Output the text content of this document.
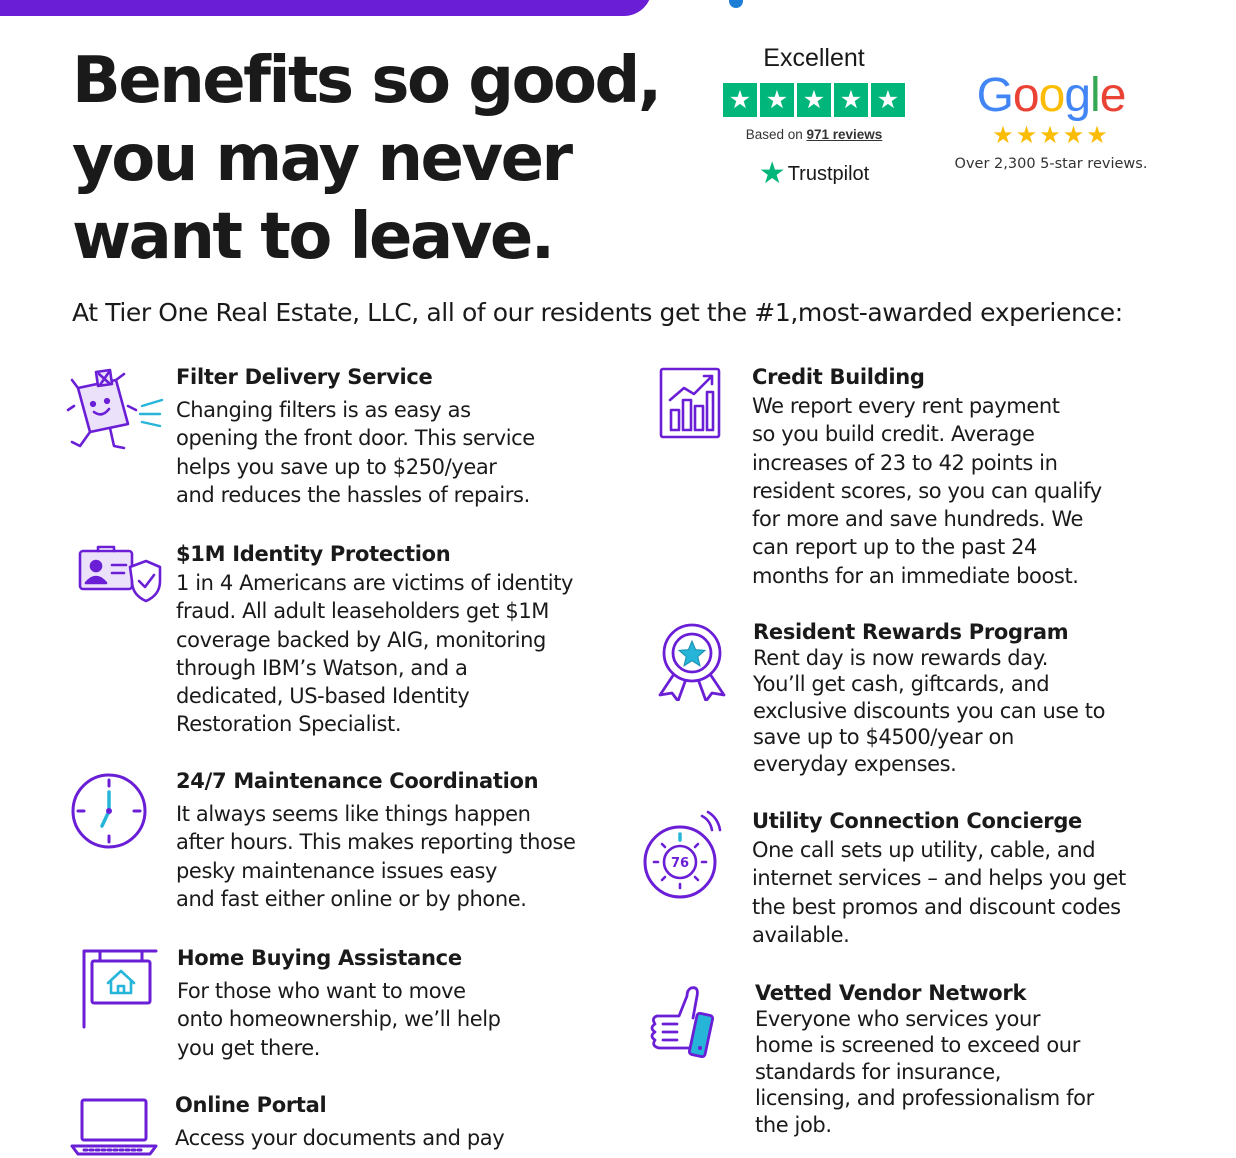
Benefits so good,
you may never
want to leave.
Excellent
★ ★ ★ ★ ★
Based on 971 reviews
★ Trustpilot
Google
★★★★★
Over 2,300 5-star reviews.
At Tier One Real Estate, LLC, all of our residents get the #1,most-awarded experience:
Filter Delivery Service

Changing filters is as easy as
opening the front door. This service
helps you save up to $250/year
and reduces the hassles of repairs.

$1M Identity Protection

1 in 4 Americans are victims of identity
fraud. All adult leaseholders get $1M
coverage backed by AIG, monitoring
through IBM’s Watson, and a
dedicated, US-based Identity
Restoration Specialist.

24/7 Maintenance Coordination

It always seems like things happen
after hours. This makes reporting those
pesky maintenance issues easy
and fast either online or by phone.

Home Buying Assistance

For those who want to move
onto homeownership, we’ll help
you get there.

Online Portal

Access your documents and pay

Credit Building

We report every rent payment
so you build credit. Average
increases of 23 to 42 points in
resident scores, so you can qualify
for more and save hundreds. We
can report up to the past 24
months for an immediate boost.

Resident Rewards Program

Rent day is now rewards day.
You’ll get cash, giftcards, and
exclusive discounts you can use to
save up to $4500/year on
everyday expenses.

76
Utility Connection Concierge

One call sets up utility, cable, and
internet services – and helps you get
the best promos and discount codes
available.

Vetted Vendor Network

Everyone who services your
home is screened to exceed our
standards for insurance,
licensing, and professionalism for
the job.
